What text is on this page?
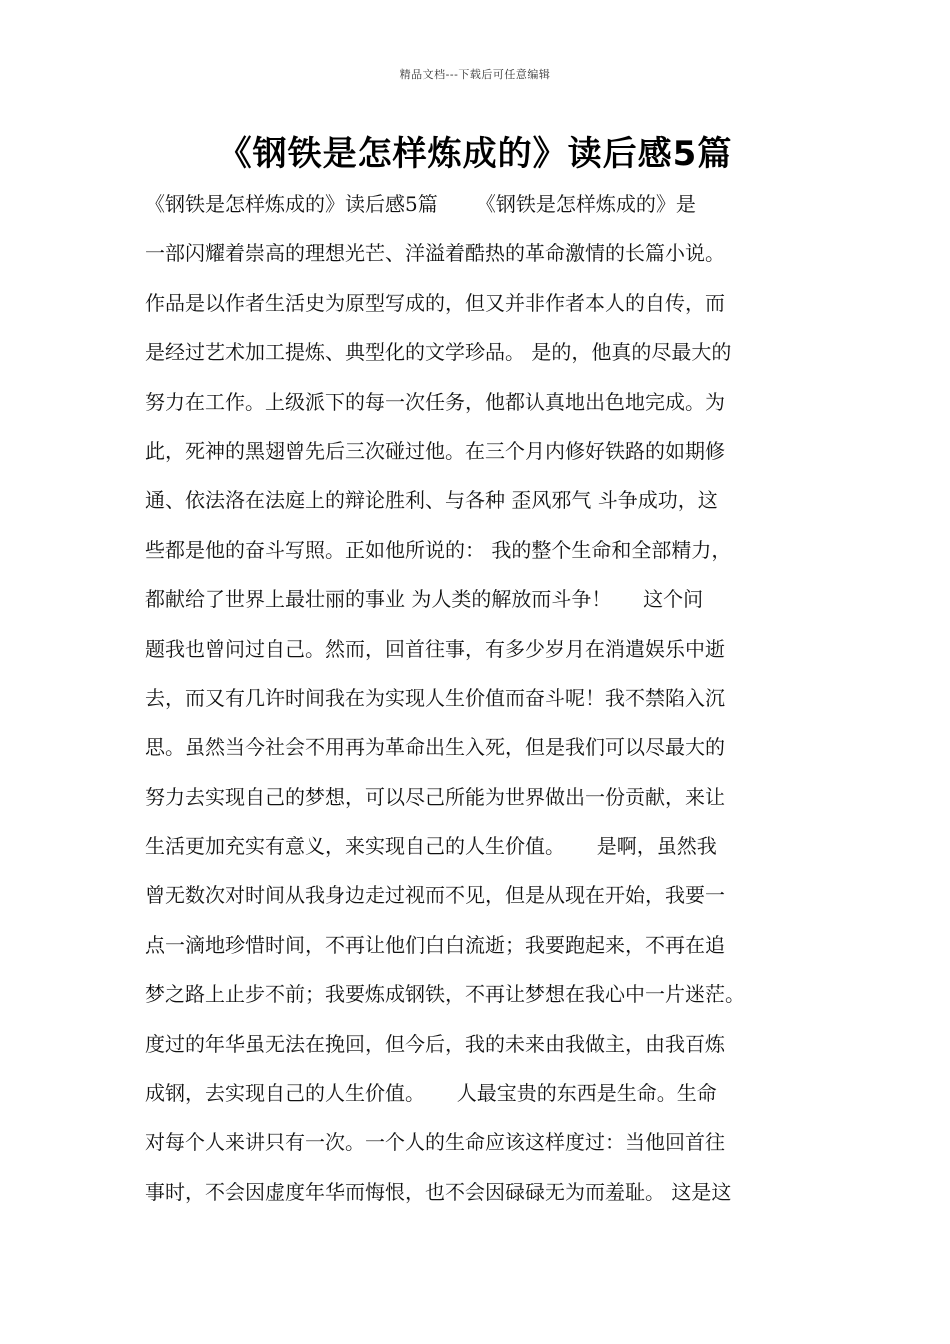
精品文档---下载后可任意编辑
《钢铁是怎样炼成的》读后感5篇
《钢铁是怎样炼成的》读后感5篇      《钢铁是怎样炼成的》是
一部闪耀着崇高的理想光芒、洋溢着酷热的革命激情的长篇小说。
作品是以作者生活史为原型写成的，但又并非作者本人的自传，而
是经过艺术加工提炼、典型化的文学珍品。 是的，他真的尽最大的
努力在工作。上级派下的每一次任务，他都认真地出色地完成。为
此，死神的黑翅曾先后三次碰过他。在三个月内修好铁路的如期修
通、依法洛在法庭上的辩论胜利、与各种 歪风邪气 斗争成功，这
些都是他的奋斗写照。正如他所说的： 我的整个生命和全部精力，
都献给了世界上最壮丽的事业 为人类的解放而斗争！     这个问
题我也曾问过自己。然而，回首往事，有多少岁月在消遣娱乐中逝
去，而又有几许时间我在为实现人生价值而奋斗呢！我不禁陷入沉
思。虽然当今社会不用再为革命出生入死，但是我们可以尽最大的
努力去实现自己的梦想，可以尽己所能为世界做出一份贡献，来让
生活更加充实有意义，来实现自己的人生价值。     是啊，虽然我
曾无数次对时间从我身边走过视而不见，但是从现在开始，我要一
点一滴地珍惜时间，不再让他们白白流逝；我要跑起来，不再在追
梦之路上止步不前；我要炼成钢铁，不再让梦想在我心中一片迷茫。
度过的年华虽无法在挽回，但今后，我的未来由我做主，由我百炼
成钢，去实现自己的人生价值。     人最宝贵的东西是生命。生命
对每个人来讲只有一次。一个人的生命应该这样度过：当他回首往
事时，不会因虚度年华而悔恨，也不会因碌碌无为而羞耻。 这是这
